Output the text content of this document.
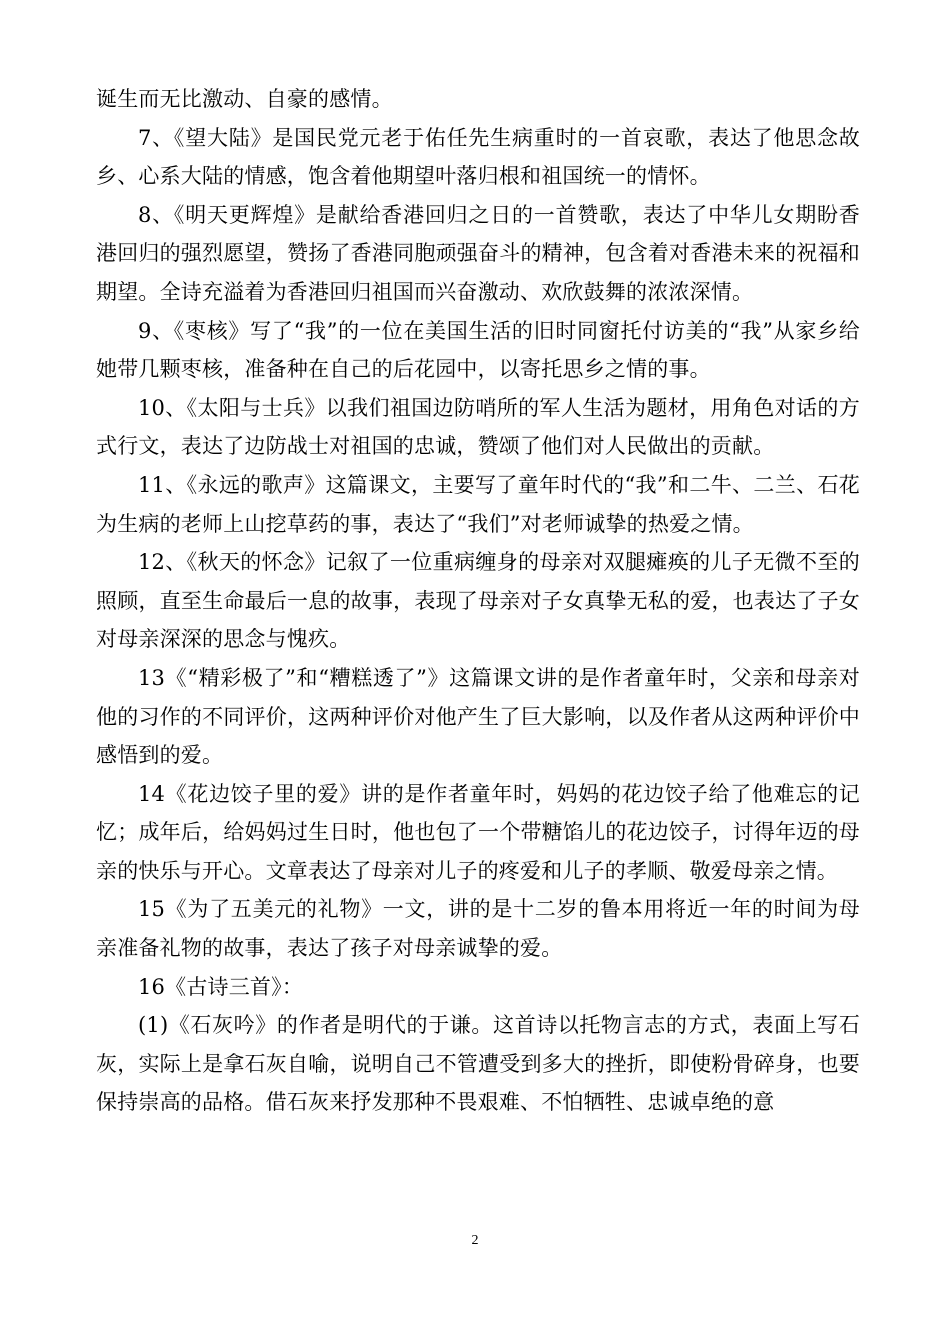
诞生而无比激动、自豪的感情。

7、《望大陆》是国民党元老于佑任先生病重时的一首哀歌，表达了他思念故乡、心系大陆的情感，饱含着他期望叶落归根和祖国统一的情怀。

8、《明天更辉煌》是献给香港回归之日的一首赞歌，表达了中华儿女期盼香港回归的强烈愿望，赞扬了香港同胞顽强奋斗的精神，包含着对香港未来的祝福和期望。全诗充溢着为香港回归祖国而兴奋激动、欢欣鼓舞的浓浓深情。

9、《枣核》写了“我”的一位在美国生活的旧时同窗托付访美的“我”从家乡给她带几颗枣核，准备种在自己的后花园中，以寄托思乡之情的事。

10、《太阳与士兵》以我们祖国边防哨所的军人生活为题材，用角色对话的方式行文，表达了边防战士对祖国的忠诚，赞颂了他们对人民做出的贡献。

11、《永远的歌声》这篇课文，主要写了童年时代的“我”和二牛、二兰、石花为生病的老师上山挖草药的事，表达了“我们”对老师诚挚的热爱之情。

12、《秋天的怀念》记叙了一位重病缠身的母亲对双腿瘫痪的儿子无微不至的照顾，直至生命最后一息的故事，表现了母亲对子女真挚无私的爱，也表达了子女对母亲深深的思念与愧疚。

13《“精彩极了”和“糟糕透了”》这篇课文讲的是作者童年时，父亲和母亲对他的习作的不同评价，这两种评价对他产生了巨大影响，以及作者从这两种评价中感悟到的爱。

14《花边饺子里的爱》讲的是作者童年时，妈妈的花边饺子给了他难忘的记忆；成年后，给妈妈过生日时，他也包了一个带糖馅儿的花边饺子，讨得年迈的母亲的快乐与开心。文章表达了母亲对儿子的疼爱和儿子的孝顺、敬爱母亲之情。

15《为了五美元的礼物》一文，讲的是十二岁的鲁本用将近一年的时间为母亲准备礼物的故事，表达了孩子对母亲诚挚的爱。

16《古诗三首》：

(1)《石灰吟》的作者是明代的于谦。这首诗以托物言志的方式，表面上写石灰，实际上是拿石灰自喻，说明自己不管遭受到多大的挫折，即使粉骨碎身，也要保持崇高的品格。借石灰来抒发那种不畏艰难、不怕牺牲、忠诚卓绝的意

2
